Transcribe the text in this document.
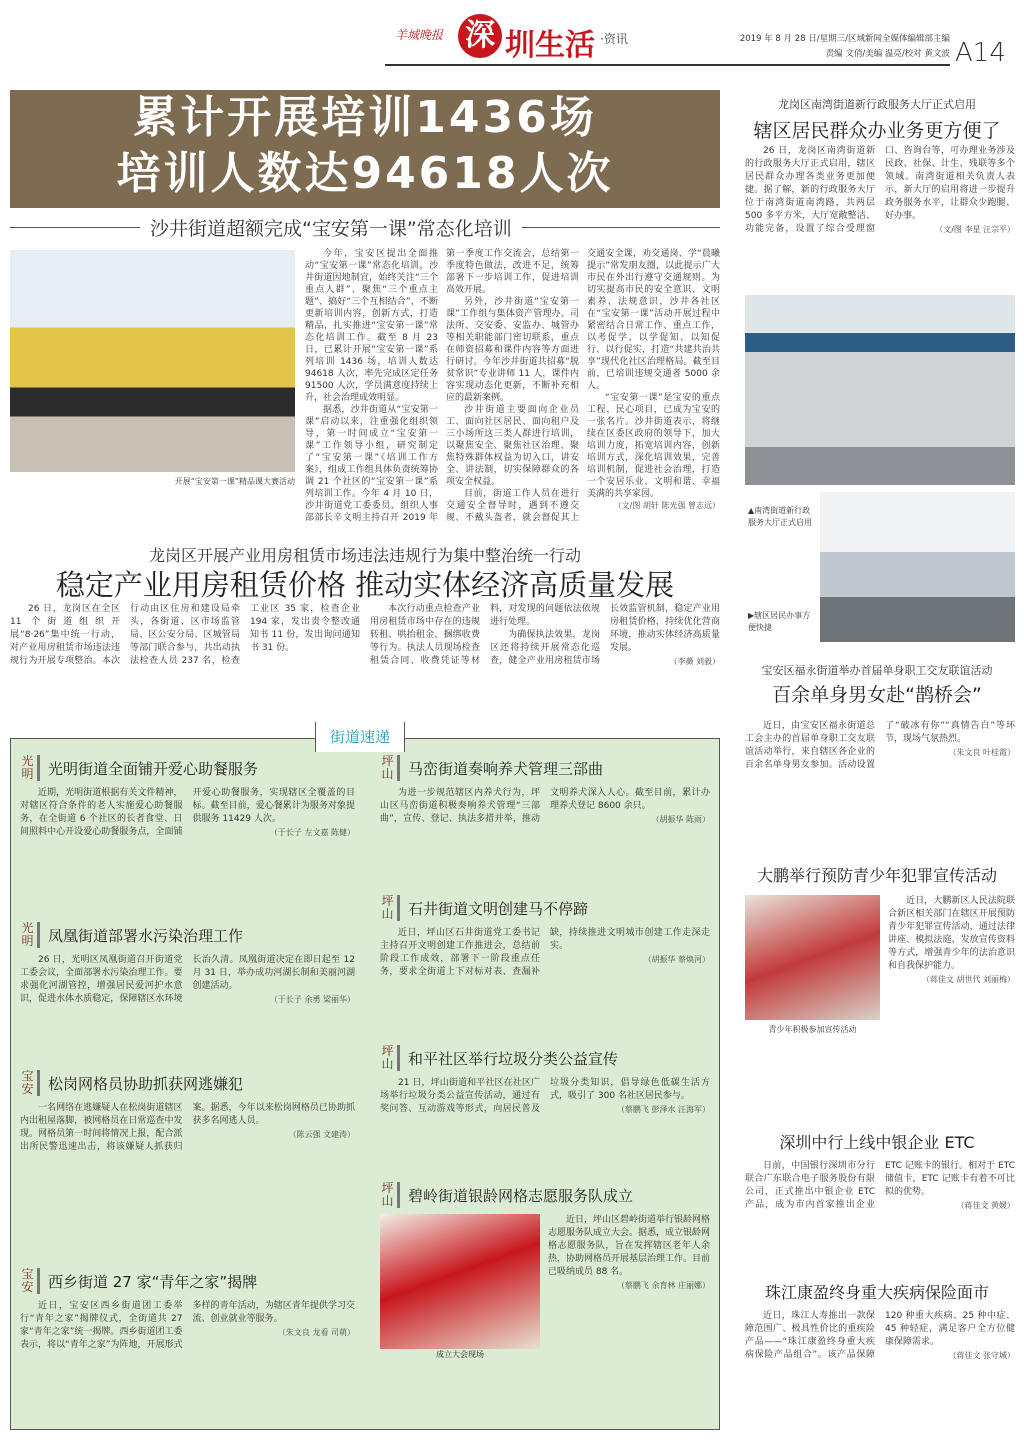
羊城晚报 深 圳生活 ·资讯	2019 年 8 月 28 日/星期三/区域新闻全媒体编辑部主编
责编 文俏/美编 温亮/校对 黄文波 A14
累计开展培训1436场
培训人数达94618人次
沙井街道超额完成“宝安第一课”常态化培训
开展“宝安第一课”精品课大赛活动

今年，宝安区提出全面推动“宝安第一课”常态化培训，沙井街道因地制宜，始终关注“三个重点人群”、聚焦“三个重点主题”、搞好“三个互相结合”，不断更新培训内容，创新方式，打造精品，扎实推进“宝安第一课”常态化培训工作。截至 8 月 23 日，已累计开展“宝安第一课”系列培训 1436 场，培训人数达 94618 人次，率先完成区定任务 91500 人次，学员满意度持续上升，社会治理成效明显。

据悉，沙井街道从“宝安第一课”启动以来，注重强化组织领导，第一时间成立“宝安第一课”工作领导小组，研究制定了“宝安第一课”《培训工作方案》，组成工作组具体负责统筹协调 21 个社区的“宝安第一课”系列培训工作。今年 4 月 10 日，沙井街道党工委委员、组织人事部部长辛文明主持召开 2019 年第一季度工作交流会，总结第一季度特色做法，改进不足，统筹部署下一步培训工作，促进培训高效开展。

另外，沙井街道“宝安第一课”工作组与集体资产管理办、司法所、交安委、安监办、城管办等相关职能部门密切联系，重点在师资招募和课件内容等方面进行研讨。今年沙井街道共招募“脱贫常识”专业讲师 11 人，课件内容实现动态化更新，不断补充相应的最新案例。

沙井街道主要面向企业员工、面向社区居民、面向租户及三小场所这三类人群进行培训，以聚焦安全、聚焦社区治理、聚焦特殊群体权益为切入口，讲安全、讲法制，切实保障群众的各项安全权益。

目前，街道工作人员在进行交通安全督导时，遇到不遵交规、不戴头盔者，就会督促其上交通安全课，劝交通岗、学“晨曦提示”常发朋友圈，以此提示广大市民在外出行遵守交通规则。为切实提高市民的安全意识、文明素养、法规意识，沙井各社区在“宝安第一课”活动开展过程中紧密结合日常工作、重点工作，以考促学、以学促知、以知促行、以行促实，打造“共建共治共享”现代化社区治理格局。截至目前，已培训违规交通者 5000 余人。

“宝安第一课”是宝安的重点工程、民心项目，已成为宝安的一张名片。沙井街道表示，将继续在区委区政府的领导下，加大培训力度，拓宽培训内容，创新培训方式，深化培训效果，完善培训机制，促进社会治理，打造一个安居乐业、文明和谐、幸福美满的共享家园。

（文/图 胡轩 陈光强 曾志远）
龙岗区开展产业用房租赁市场违法违规行为集中整治统一行动
稳定产业用房租赁价格 推动实体经济高质量发展

26 日，龙岗区在全区 11 个街道组织开展“8·26”集中统一行动，对产业用房租赁市场违法违规行为开展专项整治。本次行动由区住房和建设局牵头，各街道、区市场监管局、区公安分局、区城管局等部门联合参与，共出动执法检查人员 237 名，检查工业区 35 家，检查企业 194 家，发出责令整改通知书 11 份，发出询问通知书 31 份。

本次行动重点检查产业用房租赁市场中存在的违规转租、哄抬租金、捆绑收费等行为。执法人员现场检查租赁合同、收费凭证等材料，对发现的问题依法依规进行处理。

为确保执法效果，龙岗区还将持续开展常态化巡查，健全产业用房租赁市场长效监管机制，稳定产业用房租赁价格，持续优化营商环境，推动实体经济高质量发展。

（李薇 刘毅）
街道速递
光明 光明街道全面铺开爱心助餐服务

近期，光明街道根据有关文件精神，对辖区符合条件的老人实施爱心助餐服务，在全街道 6 个社区的长者食堂、日间照料中心开设爱心助餐服务点，全面铺开爱心助餐服务，实现辖区全覆盖的目标。截至目前，爱心餐累计为服务对象提供服务 11429 人次。

（于长子 左文嘉 陈健）
光明 凤凰街道部署水污染治理工作

26 日，光明区凤凰街道召开街道党工委会议，全面部署水污染治理工作。要求强化河湖管控，增强居民爱河护水意识，促进水体水质稳定，保障辖区水环境长治久清。凤凰街道决定在即日起至 12 月 31 日，举办成功河湖长制和美丽河湖创建活动。

（于长子 余勇 梁丽华）
宝安 松岗网格员协助抓获网逃嫌犯

一名网络在逃嫌疑人在松岗街道辖区内出租屋落脚，被网格员在日常巡查中发现。网格员第一时间将情况上报，配合派出所民警迅速出击，将该嫌疑人抓获归案。据悉，今年以来松岗网格员已协助抓获多名网逃人员。

（陈云强 文建涛）
宝安 西乡街道 27 家“青年之家”揭牌

近日，宝安区西乡街道团工委举行“青年之家”揭牌仪式，全街道共 27 家“青年之家”统一揭牌。西乡街道团工委表示，将以“青年之家”为阵地，开展形式多样的青年活动，为辖区青年提供学习交流、创业就业等服务。

（朱文良 龙看 司萌）
坪山 马峦街道奏响养犬管理三部曲

为进一步规范辖区内养犬行为，坪山区马峦街道积极奏响养犬管理“三部曲”，宣传、登记、执法多措并举，推动文明养犬深入人心。截至目前，累计办理养犬登记 8600 余只。

（胡振华 陈雨）
坪山 石井街道文明创建马不停蹄

近日，坪山区石井街道党工委书记主持召开文明创建工作推进会，总结前阶段工作成效，部署下一阶段重点任务，要求全街道上下对标对表、查漏补缺，持续推进文明城市创建工作走深走实。

（胡振华 蔡焕河）
坪山 和平社区举行垃圾分类公益宣传

21 日，坪山街道和平社区在社区广场举行垃圾分类公益宣传活动，通过有奖问答、互动游戏等形式，向居民普及垃圾分类知识，倡导绿色低碳生活方式，吸引了 300 名社区居民参与。

（蔡鹏飞 彭泽水 汪海军）
坪山 碧岭街道银龄网格志愿服务队成立
成立大会现场

近日，坪山区碧岭街道举行银龄网格志愿服务队成立大会。据悉，成立银龄网格志愿服务队，旨在发挥辖区老年人余热，协助网格员开展基层治理工作。目前已吸纳成员 88 名。

（蔡鹏飞 余育林 庄丽娜）
龙岗区南湾街道新行政服务大厅正式启用
辖区居民群众办业务更方便了

26 日，龙岗区南湾街道新的行政服务大厅正式启用，辖区居民群众办理各类业务更加便捷。据了解，新的行政服务大厅位于南湾街道南湾路，共两层 500 多平方米，大厅宽敞整洁、功能完备，设置了综合受理窗口、咨询台等，可办理业务涉及民政、社保、计生、残联等多个领域。南湾街道相关负责人表示，新大厅的启用将进一步提升政务服务水平，让群众少跑腿、好办事。

（文/图 李星 汪宗平）
▲南湾街道新行政服务大厅正式启用
▶辖区居民办事方便快捷
宝安区福永街道举办首届单身职工交友联谊活动
百余单身男女赴“鹊桥会”

近日，由宝安区福永街道总工会主办的首届单身职工交友联谊活动举行，来自辖区各企业的百余名单身男女参加。活动设置了“破冰有你”“真情告白”等环节，现场气氛热烈。

（朱文良 叶桂霞）
大鹏举行预防青少年犯罪宣传活动
青少年积极参加宣传活动

近日，大鹏新区人民法院联合新区相关部门在辖区开展预防青少年犯罪宣传活动，通过法律讲座、模拟法庭、发放宣传资料等方式，增强青少年的法治意识和自我保护能力。

（蒋佳文 胡世代 刘丽梅）
深圳中行上线中银企业 ETC

日前，中国银行深圳市分行联合广东联合电子服务股份有限公司，正式推出中银企业 ETC 产品，成为市内首家推出企业 ETC 记账卡的银行。相对于 ETC 储值卡，ETC 记账卡有着不可比拟的优势。

（蒋佳文 黄媛）
珠江康盈终身重大疾病保险面市

近日，珠江人寿推出一款保障范围广、极具性价比的重疾险产品——“珠江康盈终身重大疾病保险产品组合”。该产品保障 120 种重大疾病、25 种中症、45 种轻症，满足客户全方位健康保障需求。

（蒋佳文 张守城）
